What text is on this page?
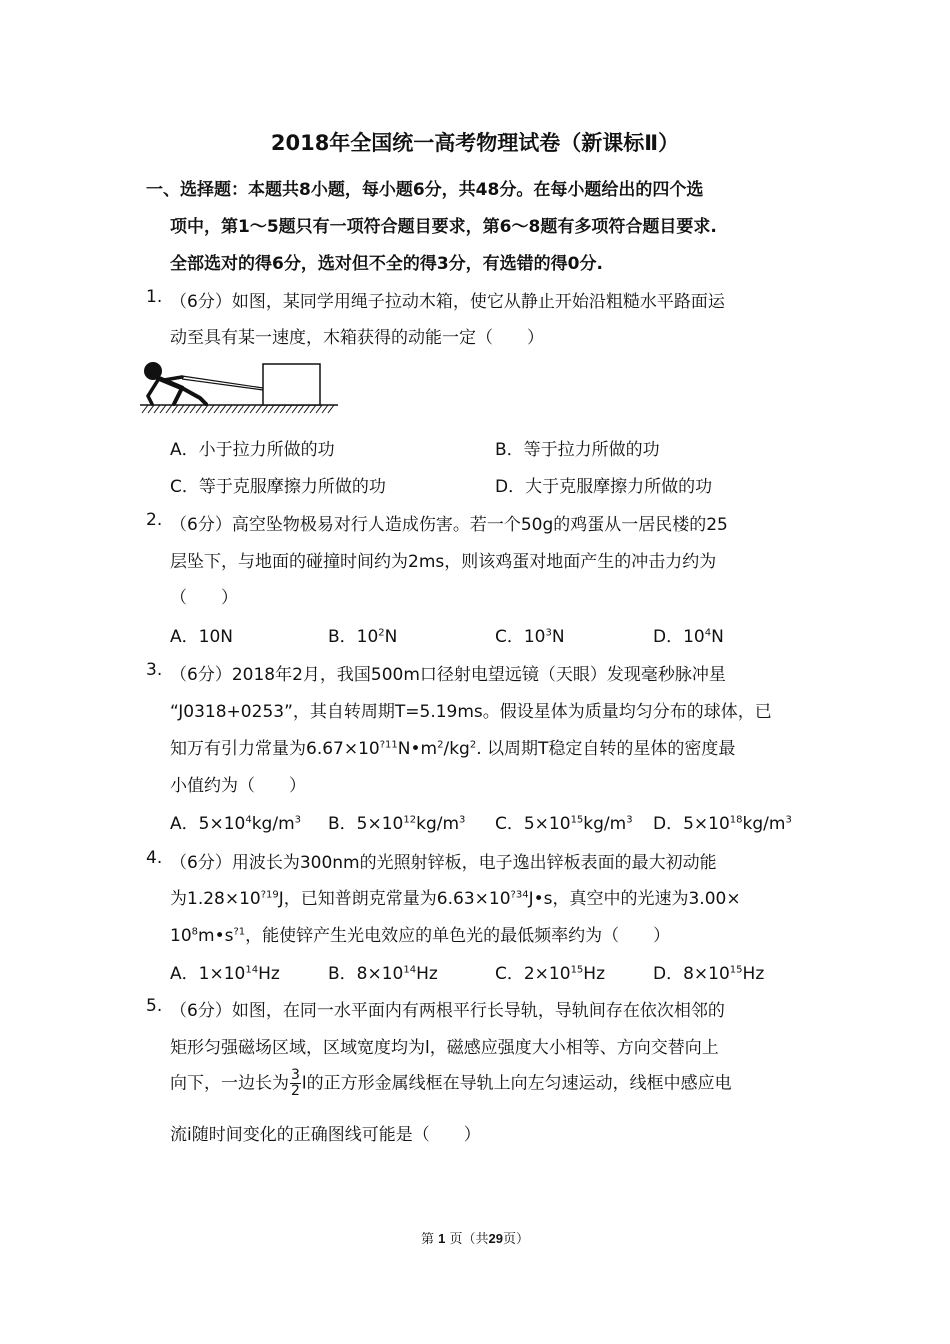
2018年全国统一高考物理试卷（新课标Ⅱ）
一、选择题：本题共8小题，每小题6分，共48分。在每小题给出的四个选
项中，第1～5题只有一项符合题目要求，第6～8题有多项符合题目要求.
全部选对的得6分，选对但不全的得3分，有选错的得0分.
1. （6分）如图，某同学用绳子拉动木箱，使它从静止开始沿粗糙水平路面运
动至具有某一速度，木箱获得的动能一定（　　）
A．小于拉力所做的功	B．等于拉力所做的功
C．等于克服摩擦力所做的功	D．大于克服摩擦力所做的功
2. （6分）高空坠物极易对行人造成伤害。若一个50g的鸡蛋从一居民楼的25
层坠下，与地面的碰撞时间约为2ms，则该鸡蛋对地面产生的冲击力约为
（　　）
A．10N	B．$10^2N$	C．$10^3N$	D．$10^4N$
3. （6分）2018年2月，我国500m口径射电望远镜（天眼）发现毫秒脉冲星
“J0318+0253”，其自转周期T=5.19ms。假设星体为质量均匀分布的球体，已
知万有引力常量为$6.67\times 10^{?11}N•m^2/kg^2$. 以周期T稳定自转的星体的密度最
小值约为（　　）
A．$5\times 10^4kg/m^3$ B．$5\times 10^{12}kg/m^3$ C．$5\times 10^{15}kg/m^3$ D．$5\times 10^{18}kg/m^3$
4. （6分）用波长为300nm的光照射锌板，电子逸出锌板表面的最大初动能
为$1.28\times 10^{?19}J$，已知普朗克常量为$6.63\times 10^{?34}J•s$，真空中的光速为3.00×
$10^8m•s^{?1}$，能使锌产生光电效应的单色光的最低频率约为（　　）
A．$1\times 10^{14}Hz$	B．$8\times 10^{14}Hz$	C．$2\times 10^{15}Hz$	D．$8\times 10^{15}Hz$
5. （6分）如图，在同一水平面内有两根平行长导轨，导轨间存在依次相邻的
矩形匀强磁场区域，区域宽度均为l，磁感应强度大小相等、方向交替向上
向下，一边长为 $\frac{3}{2}$ l的正方形金属线框在导轨上向左匀速运动，线框中感应电
流i随时间变化的正确图线可能是（　　）
第 1 页（共29页）
